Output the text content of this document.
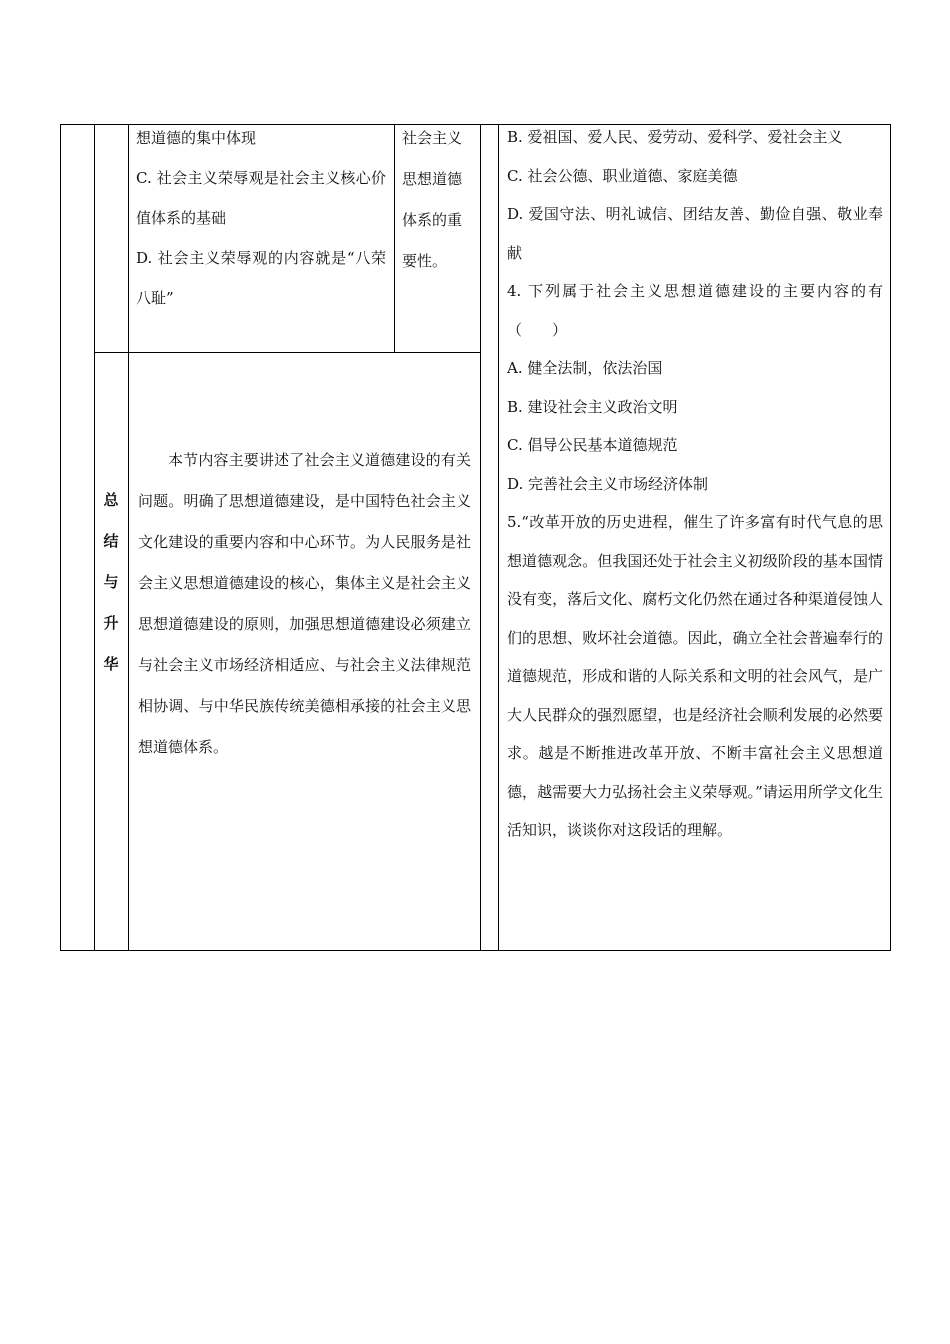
想道德的集中体现

C. 社会主义荣辱观是社会主义核心价值体系的基础

D. 社会主义荣辱观的内容就是“八荣八耻”

社会主义思想道德体系的重要性。

总
结
与
升
华

本节内容主要讲述了社会主义道德建设的有关问题。明确了思想道德建设，是中国特色社会主义文化建设的重要内容和中心环节。为人民服务是社会主义思想道德建设的核心，集体主义是社会主义思想道德建设的原则，加强思想道德建设必须建立与社会主义市场经济相适应、与社会主义法律规范相协调、与中华民族传统美德相承接的社会主义思想道德体系。

B. 爱祖国、爱人民、爱劳动、爱科学、爱社会主义

C. 社会公德、职业道德、家庭美德

D. 爱国守法、明礼诚信、团结友善、勤俭自强、敬业奉献

4. 下列属于社会主义思想道德建设的主要内容的有（　　）

A. 健全法制，依法治国

B. 建设社会主义政治文明

C. 倡导公民基本道德规范

D. 完善社会主义市场经济体制

5.“改革开放的历史进程，催生了许多富有时代气息的思想道德观念。但我国还处于社会主义初级阶段的基本国情没有变，落后文化、腐朽文化仍然在通过各种渠道侵蚀人们的思想、败坏社会道德。因此，确立全社会普遍奉行的道德规范，形成和谐的人际关系和文明的社会风气，是广大人民群众的强烈愿望，也是经济社会顺利发展的必然要求。越是不断推进改革开放、不断丰富社会主义思想道德，越需要大力弘扬社会主义荣辱观。”请运用所学文化生活知识，谈谈你对这段话的理解。
